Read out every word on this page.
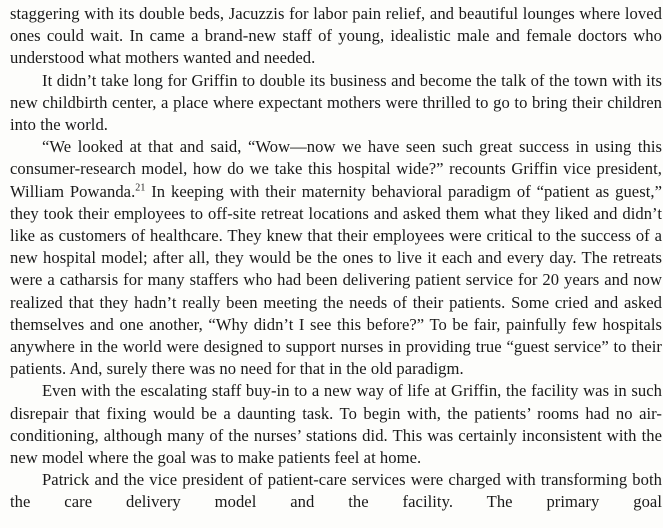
staggering with its double beds, Jacuzzis for labor pain relief, and beautiful lounges where loved ones could wait. In came a brand-new staff of young, idealistic male and female doctors who understood what mothers wanted and needed.

It didn’t take long for Griffin to double its business and become the talk of the town with its new childbirth center, a place where expectant mothers were thrilled to go to bring their children into the world.

“We looked at that and said, “Wow—now we have seen such great success in using this consumer-research model, how do we take this hospital wide?” recounts Griffin vice president, William Powanda.$^{21}$ In keeping with their maternity behavioral paradigm of “patient as guest,” they took their employees to off-site retreat locations and asked them what they liked and didn’t like as customers of healthcare. They knew that their employees were critical to the success of a new hospital model; after all, they would be the ones to live it each and every day. The retreats were a catharsis for many staffers who had been delivering patient service for 20 years and now realized that they hadn’t really been meeting the needs of their patients. Some cried and asked themselves and one another, “Why didn’t I see this before?” To be fair, painfully few hospitals anywhere in the world were designed to support nurses in providing true “guest service” to their patients. And, surely there was no need for that in the old paradigm.

Even with the escalating staff buy-in to a new way of life at Griffin, the facility was in such disrepair that fixing would be a daunting task. To begin with, the patients’ rooms had no air-conditioning, although many of the nurses’ stations did. This was certainly inconsistent with the new model where the goal was to make patients feel at home.

Patrick and the vice president of patient-care services were charged with transforming both the care delivery model and the facility. The primary goal
